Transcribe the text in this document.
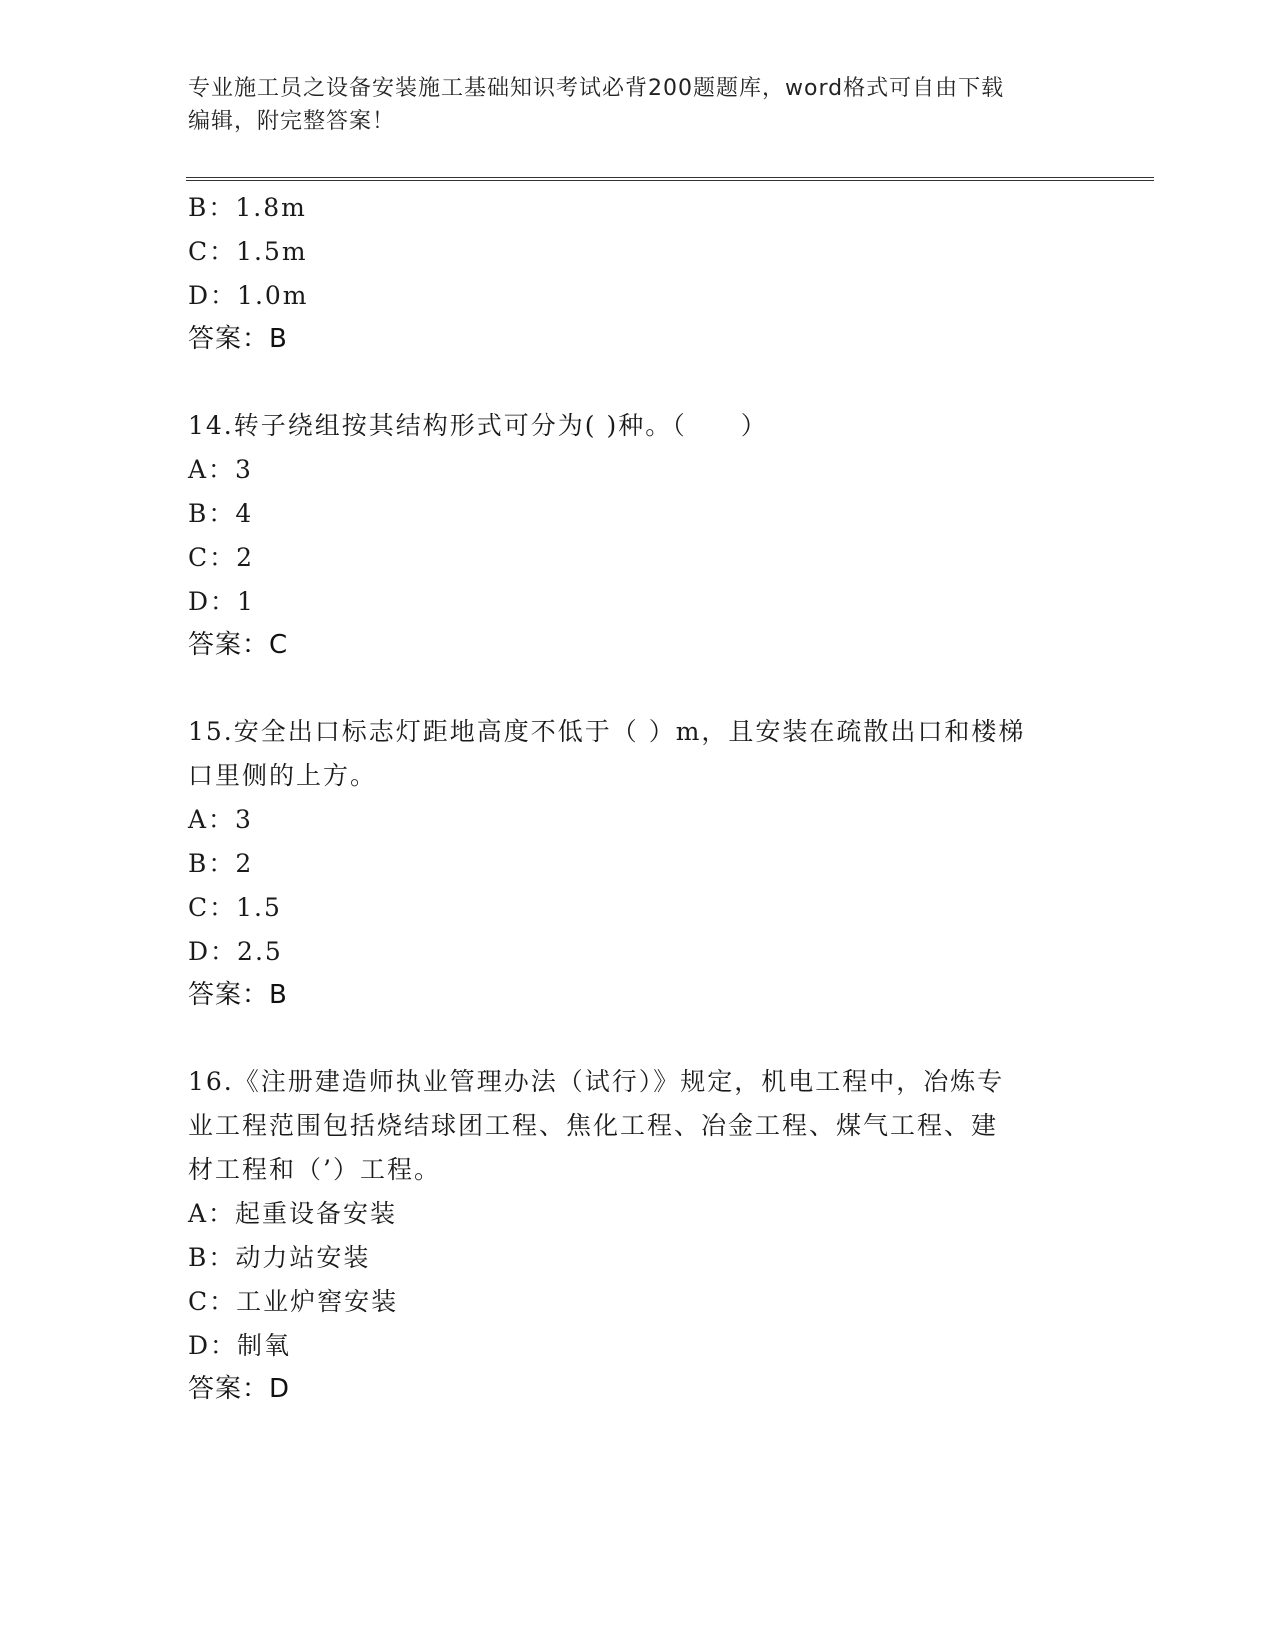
专业施工员之设备安装施工基础知识考试必背200题题库，word格式可自由下载
编辑，附完整答案！
B：1.8m
C：1.5m
D：1.0m
答案：B
14.转子绕组按其结构形式可分为( )种。（　　）
A：3
B：4
C：2
D：1
答案：C
15.安全出口标志灯距地高度不低于（ ）m，且安装在疏散出口和楼梯
口里侧的上方。
A：3
B：2
C：1.5
D：2.5
答案：B
16.《注册建造师执业管理办法（试行）》规定，机电工程中，冶炼专
业工程范围包括烧结球团工程、焦化工程、冶金工程、煤气工程、建
材工程和（’）工程。
A：起重设备安装
B：动力站安装
C：工业炉窖安装
D：制氧
答案：D
